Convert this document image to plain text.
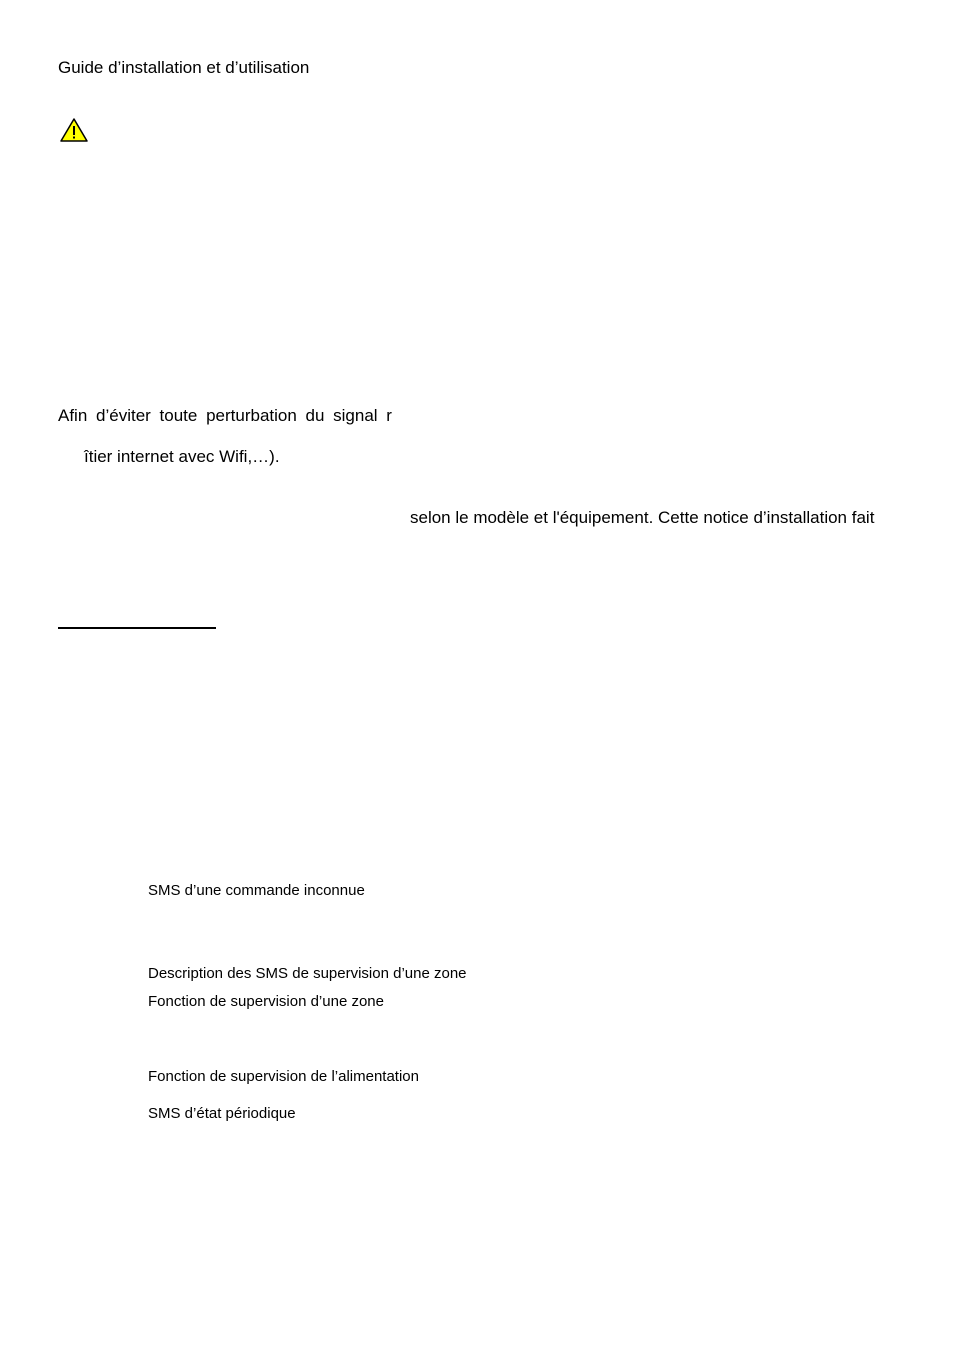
Guide d’installation et d’utilisation
Afin d’éviter toute perturbation du signal r
îtier internet avec Wifi,…).
selon le modèle et l'équipement. Cette notice d’installation fait
SMS d’une commande inconnue
Description des SMS de supervision d’une zone
Fonction de supervision d’une zone
Fonction de supervision de l’alimentation
SMS d’état périodique
